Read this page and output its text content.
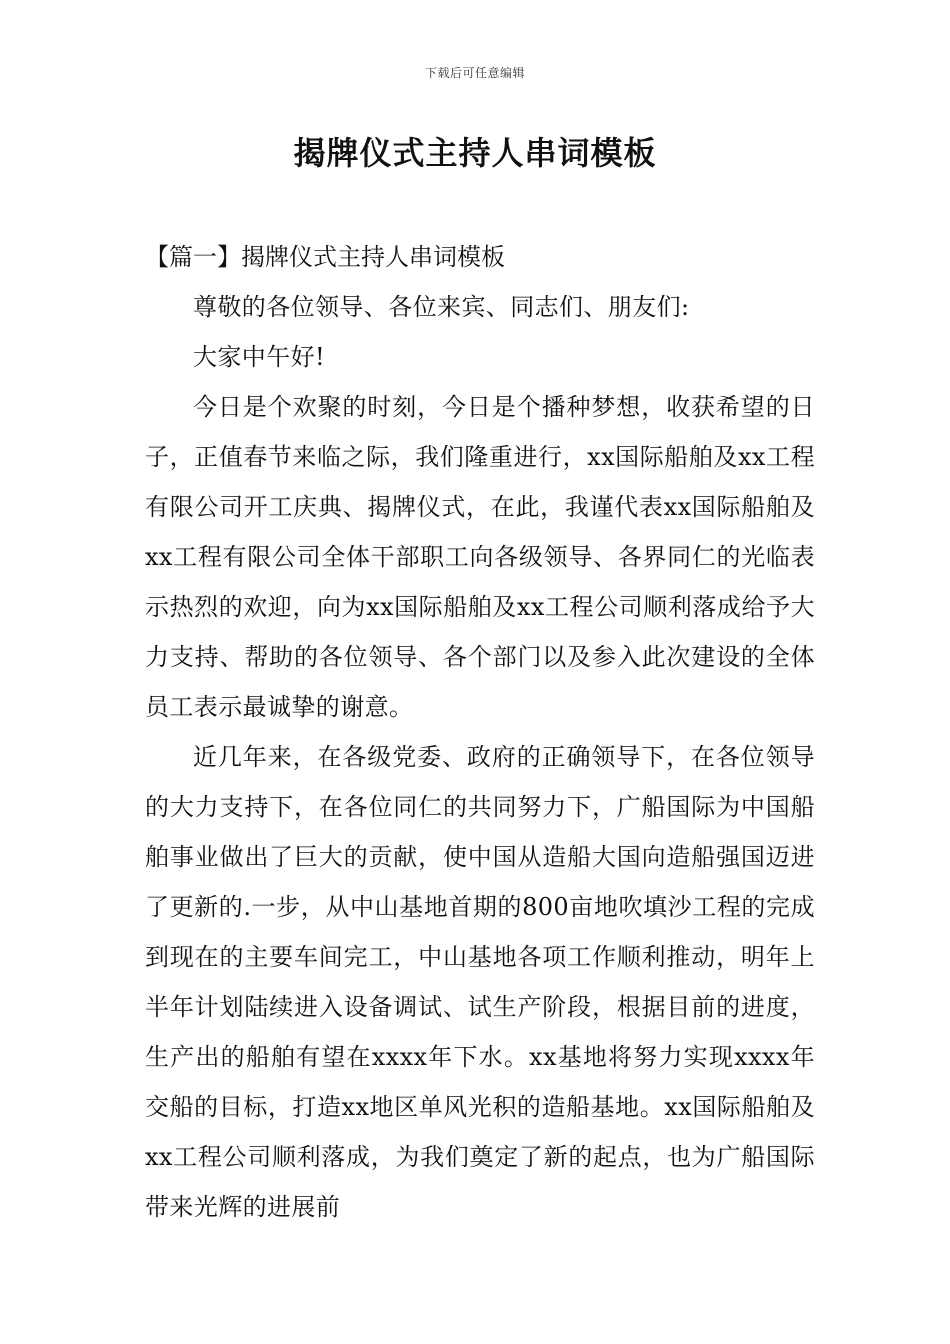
下载后可任意编辑
揭牌仪式主持人串词模板
【篇一】揭牌仪式主持人串词模板

尊敬的各位领导、各位来宾、同志们、朋友们:

大家中午好!

今日是个欢聚的时刻，今日是个播种梦想，收获希望的日子，正值春节来临之际，我们隆重进行，xx国际船舶及xx工程有限公司开工庆典、揭牌仪式，在此，我谨代表xx国际船舶及xx工程有限公司全体干部职工向各级领导、各界同仁的光临表示热烈的欢迎，向为xx国际船舶及xx工程公司顺利落成给予大力支持、帮助的各位领导、各个部门以及参入此次建设的全体员工表示最诚挚的谢意。

近几年来，在各级党委、政府的正确领导下，在各位领导的大力支持下，在各位同仁的共同努力下，广船国际为中国船舶事业做出了巨大的贡献，使中国从造船大国向造船强国迈进了更新的.一步，从中山基地首期的800亩地吹填沙工程的完成到现在的主要车间完工，中山基地各项工作顺利推动，明年上半年计划陆续进入设备调试、试生产阶段，根据目前的进度，生产出的船舶有望在xxxx年下水。xx基地将努力实现xxxx年交船的目标，打造xx地区单风光积的造船基地。xx国际船舶及xx工程公司顺利落成，为我们奠定了新的起点，也为广船国际带来光辉的进展前
